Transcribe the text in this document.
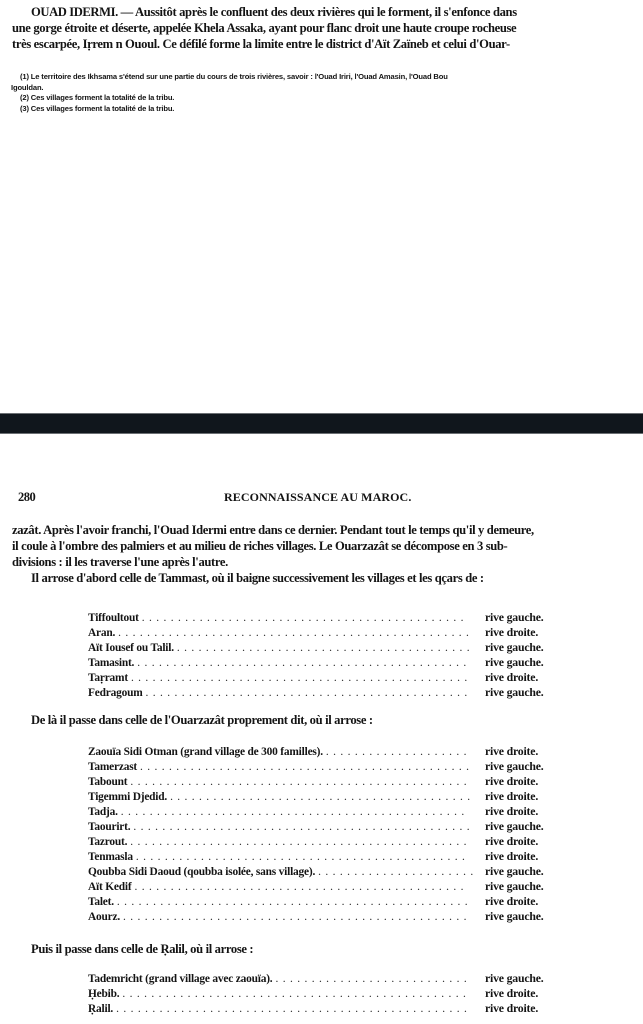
OUAD IDERMI. — Aussitôt après le confluent des deux rivières qui le forment, il s'enfonce dans
une gorge étroite et déserte, appelée Khela Assaka, ayant pour flanc droit une haute croupe rocheuse
très escarpée, Iṛrem n Ououl. Ce défilé forme la limite entre le district d'Aït Zaïneb et celui d'Ouar-
(1) Le territoire des Ikhsama s'étend sur une partie du cours de trois rivières, savoir : l'Ouad Iriri, l'Ouad Amasin, l'Ouad Bou
Igouldan.
(2) Ces villages forment la totalité de la tribu.
(3) Ces villages forment la totalité de la tribu.
280	RECONNAISSANCE AU MAROC.
zazât. Après l'avoir franchi, l'Ouad Idermi entre dans ce dernier. Pendant tout le temps qu'il y demeure,
il coule à l'ombre des palmiers et au milieu de riches villages. Le Ouarzazât se décompose en 3 sub-
divisions : il les traverse l'une après l'autre.
Il arrose d'abord celle de Tammast, où il baigne successivement les villages et les qçars de :
Tiffoultout .............................................	rive gauche.
Aran. ................................................. rive droite.
Aït Iousef ou Talil. ......................................... rive gauche.
Tamasint. ..............................................	rive gauche.
Taṛramt ...............................................	rive droite.
Fedragoum .............................................	rive gauche.
De là il passe dans celle de l'Ouarzazât proprement dit, où il arrose :
Zaouïa Sidi Otman (grand village de 300 familles). ....................	rive droite.
Tamerzast .............................................. rive gauche.
Tabount ...............................................	rive droite.
Tigemmi Djedid. .......................................... rive droite.
Tadja. ................................................	rive droite.
Taourirt. ............................................... rive gauche.
Tazrout. ...............................................	rive droite.
Tenmasla ..............................................	rive droite.
Qoubba Sidi Daoud (qoubba isolée, sans village). ...................... rive gauche.
Aït Kedif ..............................................	rive gauche.
Talet. .................................................	rive droite.
Aourz. ................................................	rive gauche.
Puis il passe dans celle de Ṛalil, où il arrose :
Tademricht (grand village avec zaouïa). ...........................	rive gauche.
Ḥebib. ................................................	rive droite.
Ṛalil. .................................................	rive droite.
